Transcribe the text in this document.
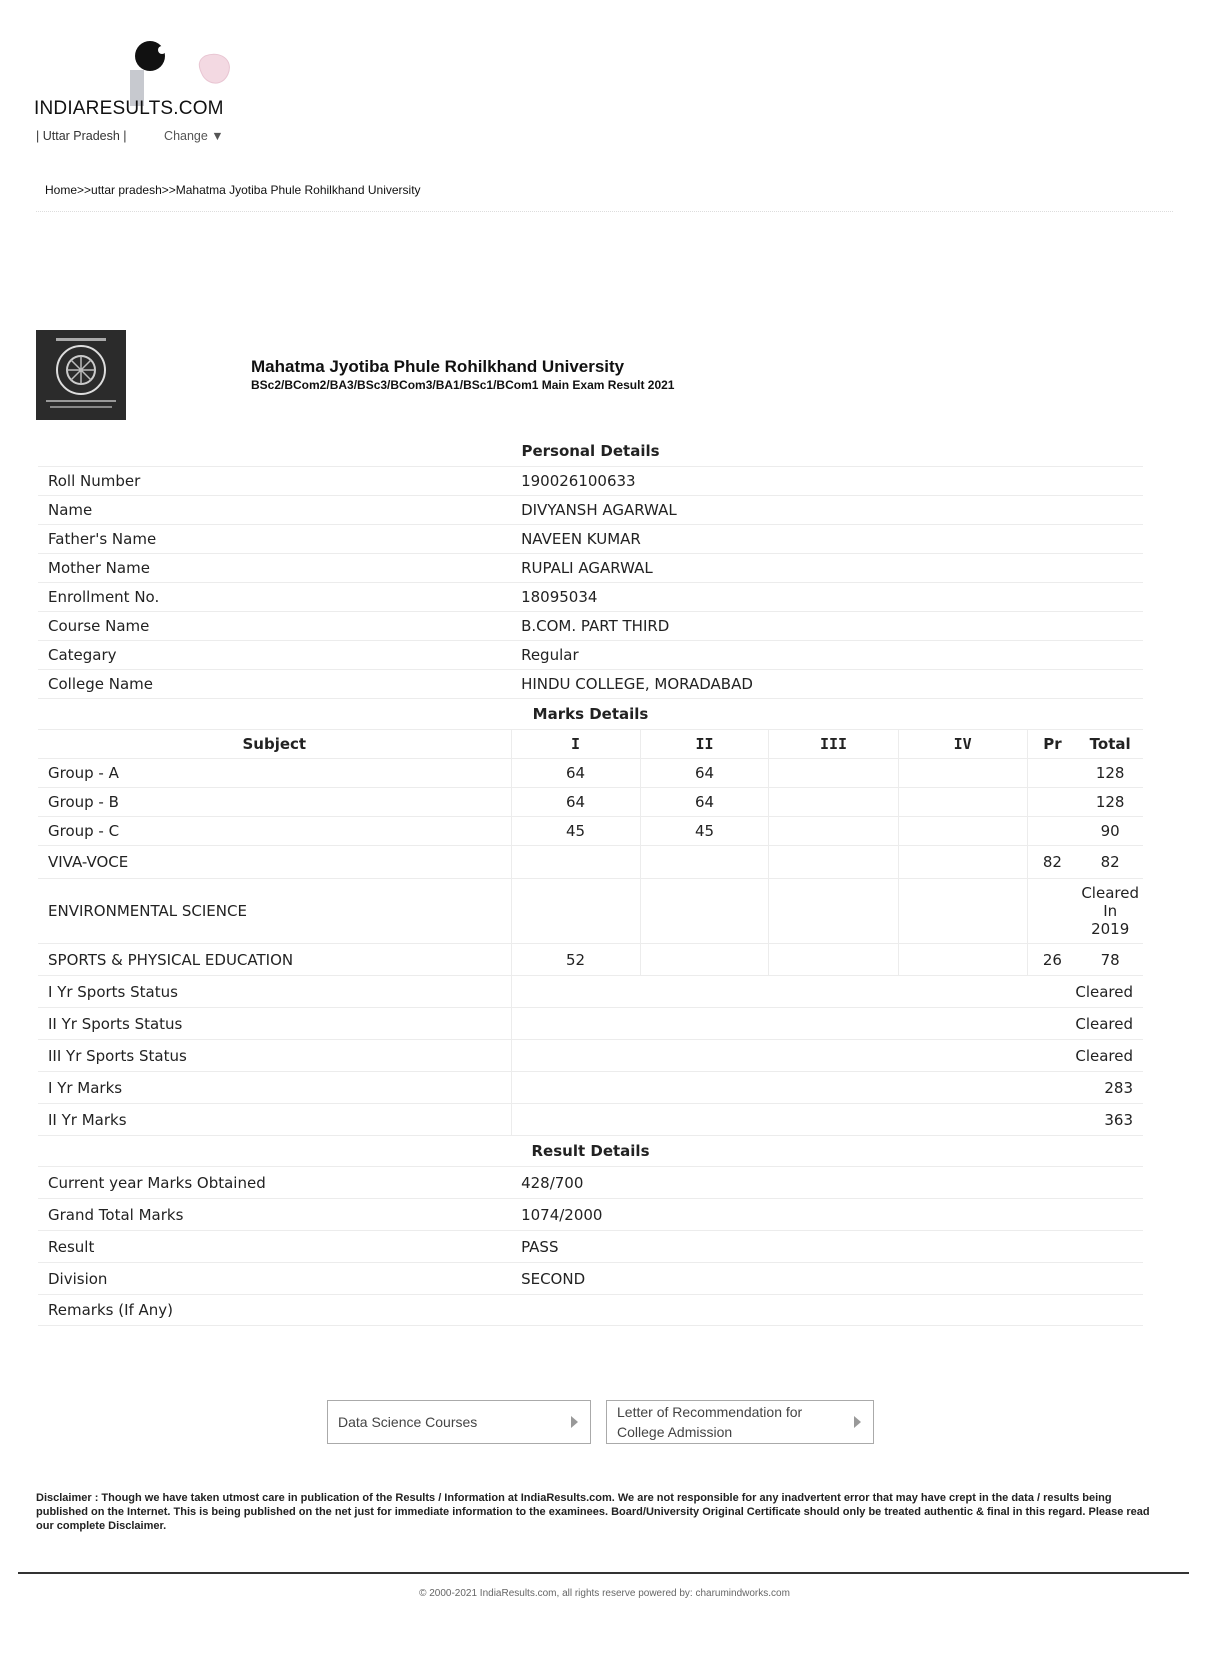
INDIARESULTS.COM
| Uttar Pradesh |	Change ▼
Home>>uttar pradesh>>Mahatma Jyotiba Phule Rohilkhand University
Mahatma Jyotiba Phule Rohilkhand University
BSc2/BCom2/BA3/BSc3/BCom3/BA1/BSc1/BCom1 Main Exam Result 2021
Personal Details						
Roll Number	190026100633					
Name	DIVYANSH AGARWAL					
Father's Name	NAVEEN KUMAR					
Mother Name	RUPALI AGARWAL					
Enrollment No.	18095034					
Course Name	B.COM. PART THIRD					
Categary	Regular					
College Name	HINDU COLLEGE, MORADABAD					
Marks Details						
Subject	I	II	III	IV	Pr	Total
Group - A	64	64				128
Group - B	64	64				128
Group - C	45	45				90
VIVA-VOCE					82	82
ENVIRONMENTAL SCIENCE						Cleared
In
2019

SPORTS & PHYSICAL EDUCATION	52				26	78
I Yr Sports Status	Cleared					
II Yr Sports Status	Cleared					
III Yr Sports Status	Cleared					
I Yr Marks	283					
II Yr Marks	363					
Result Details						
Current year Marks Obtained	428/700					
Grand Total Marks	1074/2000					
Result	PASS					
Division	SECOND					
Remarks (If Any)						
Data Science Courses
Letter of Recommendation for
College Admission
Disclaimer : Though we have taken utmost care in publication of the Results / Information at IndiaResults.com. We are not responsible for any inadvertent error that may have crept in the data / results being published on the Internet. This is being published on the net just for immediate information to the examinees. Board/University Original Certificate should only be treated authentic & final in this regard. Please read our complete Disclaimer.
© 2000-2021 IndiaResults.com, all rights reserve powered by: charumindworks.com
